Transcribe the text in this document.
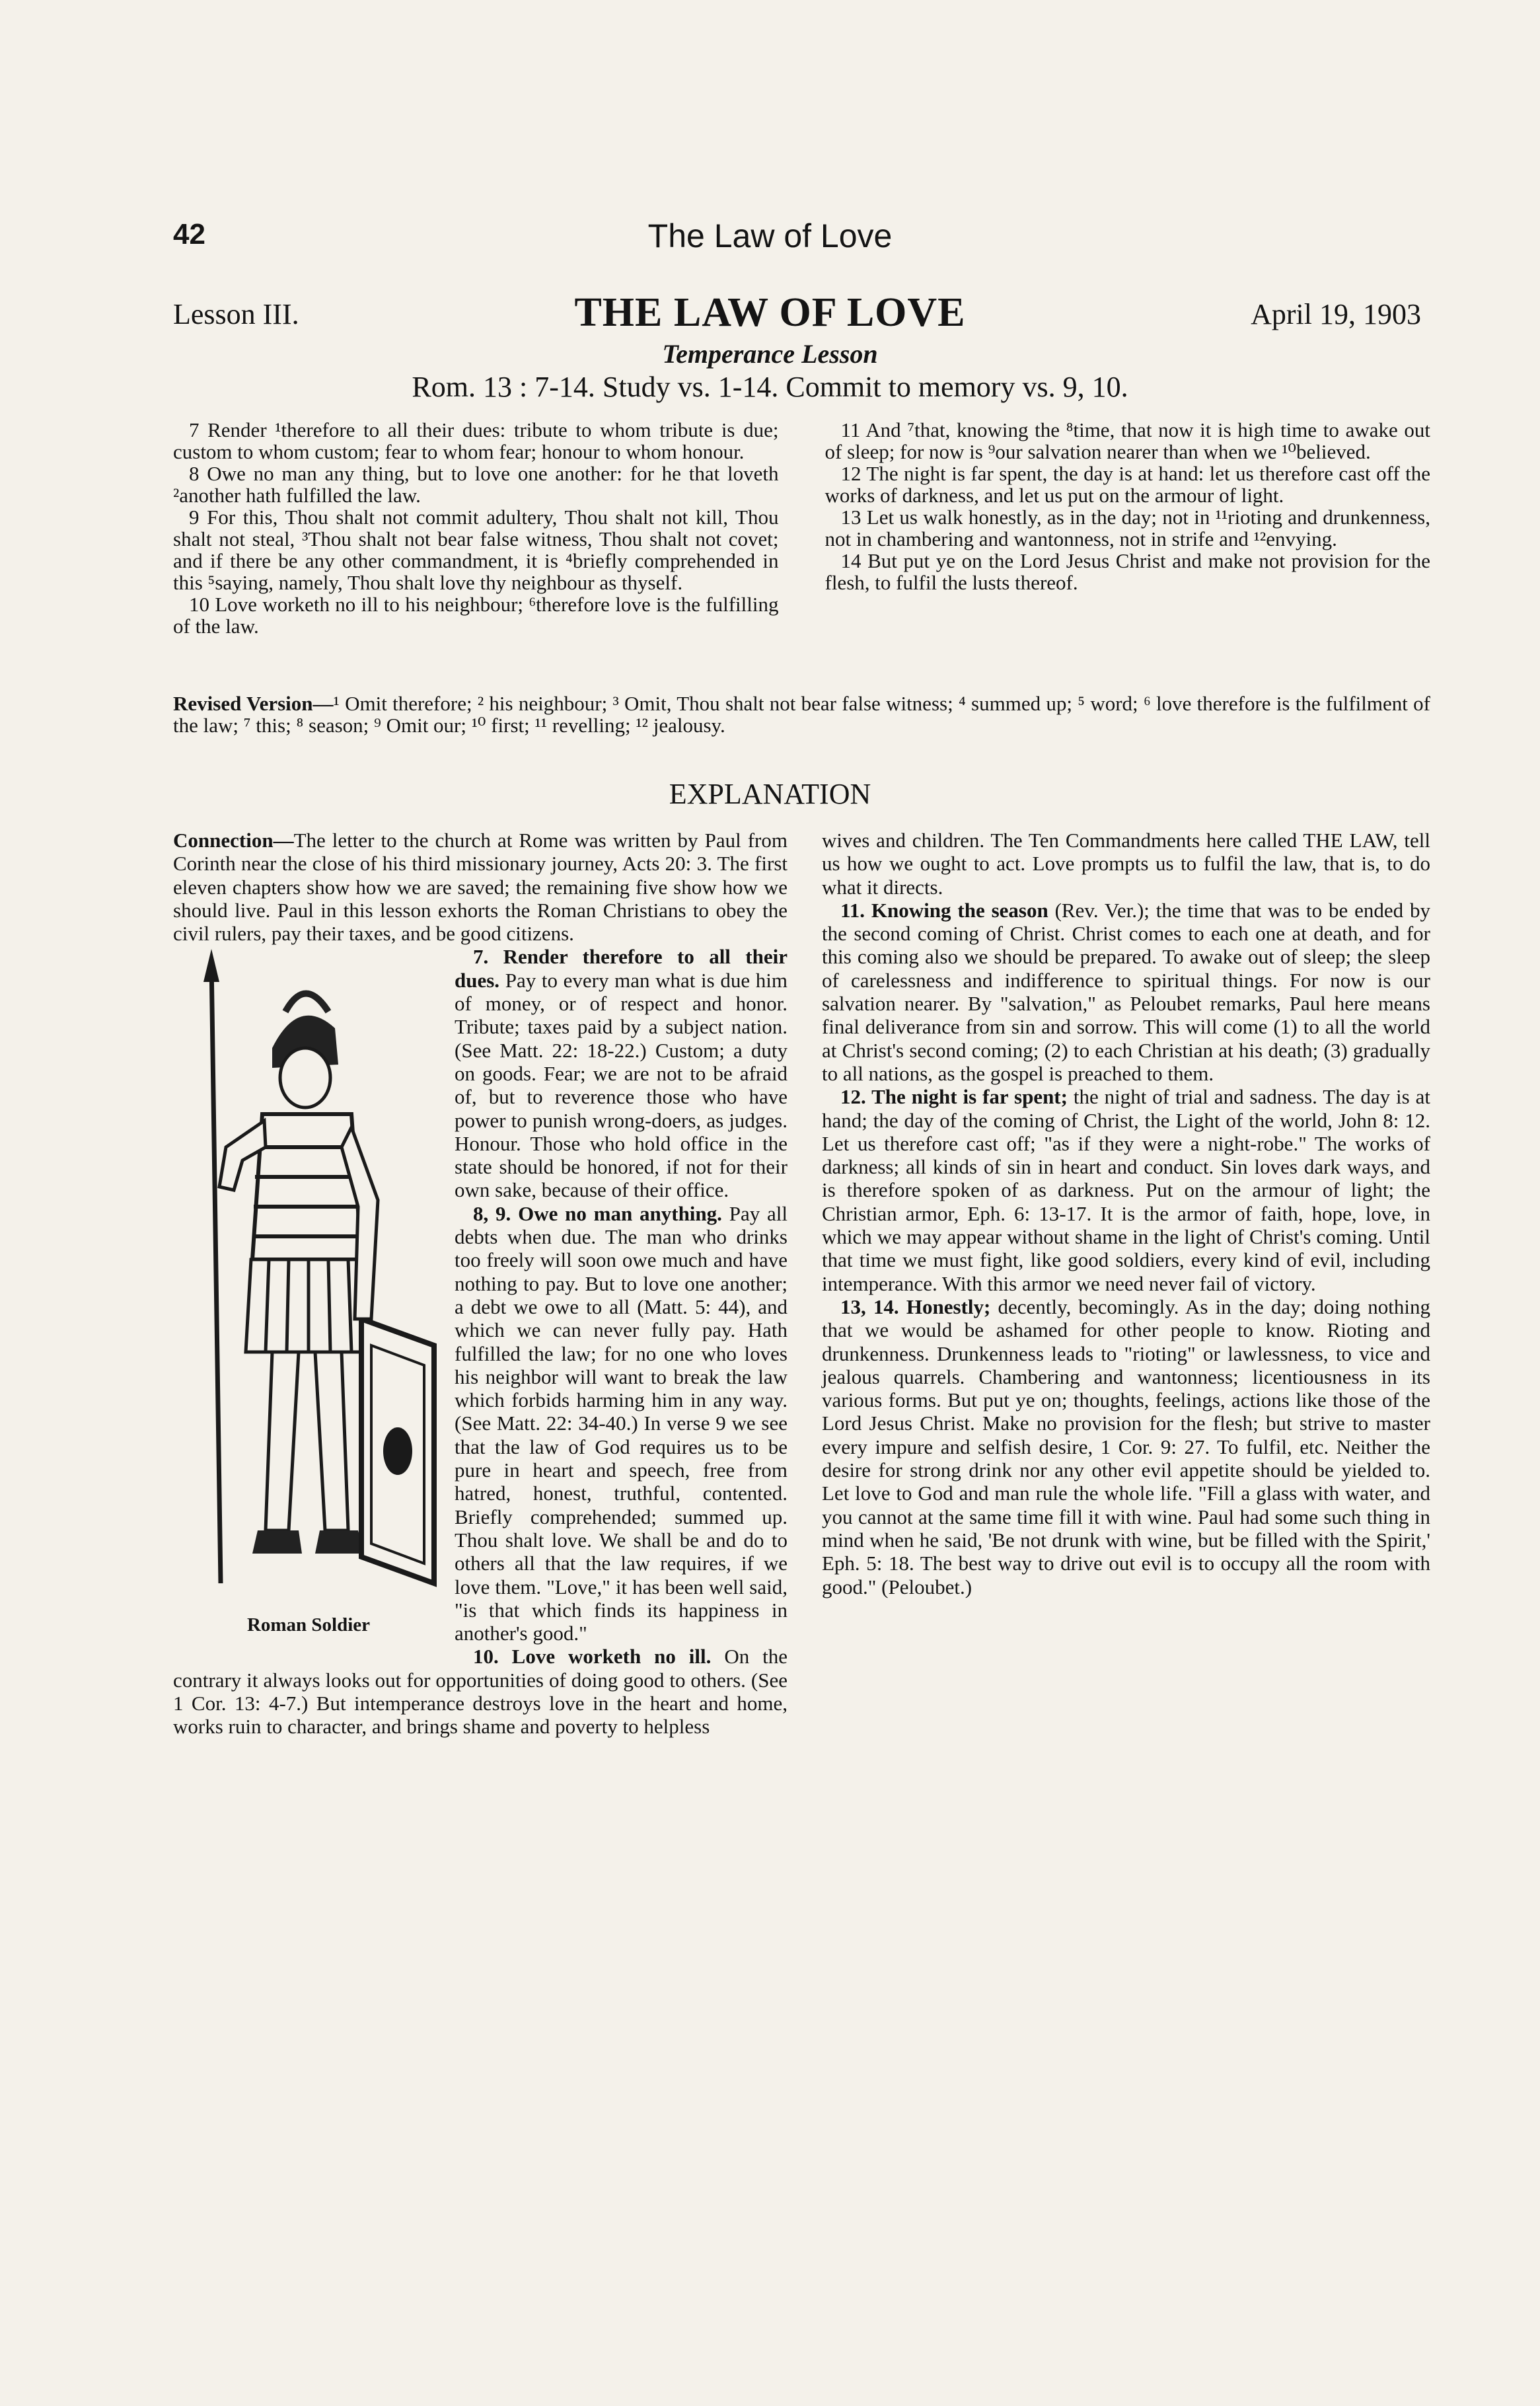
42	The Law of Love
Lesson III.	THE LAW OF LOVE	April 19, 1903
Temperance Lesson
Rom. 13 : 7-14. Study vs. 1-14. Commit to memory vs. 9, 10.

7 Render ¹therefore to all their dues: tribute to whom tribute is due; custom to whom custom; fear to whom fear; honour to whom honour.

8 Owe no man any thing, but to love one another: for he that loveth ²another hath fulfilled the law.

9 For this, Thou shalt not commit adultery, Thou shalt not kill, Thou shalt not steal, ³Thou shalt not bear false witness, Thou shalt not covet; and if there be any other commandment, it is ⁴briefly comprehended in this ⁵saying, namely, Thou shalt love thy neighbour as thyself.

10 Love worketh no ill to his neighbour; ⁶therefore love is the fulfilling of the law.

11 And ⁷that, knowing the ⁸time, that now it is high time to awake out of sleep; for now is ⁹our salvation nearer than when we ¹⁰believed.

12 The night is far spent, the day is at hand: let us therefore cast off the works of darkness, and let us put on the armour of light.

13 Let us walk honestly, as in the day; not in ¹¹rioting and drunkenness, not in chambering and wantonness, not in strife and ¹²envying.

14 But put ye on the Lord Jesus Christ and make not provision for the flesh, to fulfil the lusts thereof.

Revised Version—¹ Omit therefore; ² his neighbour; ³ Omit, Thou shalt not bear false witness; ⁴ summed up; ⁵ word; ⁶ love therefore is the fulfilment of the law; ⁷ this; ⁸ season; ⁹ Omit our; ¹⁰ first; ¹¹ revelling; ¹² jealousy.
EXPLANATION

Connection—The letter to the church at Rome was written by Paul from Corinth near the close of his third missionary journey, Acts 20: 3. The first eleven chapters show how we are saved; the remaining five show how we should live. Paul in this lesson exhorts the Roman Christians to obey the civil rulers, pay their taxes, and be good citizens.

Roman Soldier

7. Render therefore to all their dues. Pay to every man what is due him of money, or of respect and honor. Tribute; taxes paid by a subject nation. (See Matt. 22: 18-22.) Custom; a duty on goods. Fear; we are not to be afraid of, but to reverence those who have power to punish wrong-doers, as judges. Honour. Those who hold office in the state should be honored, if not for their own sake, because of their office.

8, 9. Owe no man anything. Pay all debts when due. The man who drinks too freely will soon owe much and have nothing to pay. But to love one another; a debt we owe to all (Matt. 5: 44), and which we can never fully pay. Hath fulfilled the law; for no one who loves his neighbor will want to break the law which forbids harming him in any way. (See Matt. 22: 34-40.) In verse 9 we see that the law of God requires us to be pure in heart and speech, free from hatred, honest, truthful, contented. Briefly comprehended; summed up. Thou shalt love. We shall be and do to others all that the law requires, if we love them. "Love," it has been well said, "is that which finds its happiness in another's good."

10. Love worketh no ill. On the contrary it always looks out for opportunities of doing good to others. (See 1 Cor. 13: 4-7.) But intemperance destroys love in the heart and home, works ruin to character, and brings shame and poverty to helpless

wives and children. The Ten Commandments here called THE LAW, tell us how we ought to act. Love prompts us to fulfil the law, that is, to do what it directs.

11. Knowing the season (Rev. Ver.); the time that was to be ended by the second coming of Christ. Christ comes to each one at death, and for this coming also we should be prepared. To awake out of sleep; the sleep of carelessness and indifference to spiritual things. For now is our salvation nearer. By "salvation," as Peloubet remarks, Paul here means final deliverance from sin and sorrow. This will come (1) to all the world at Christ's second coming; (2) to each Christian at his death; (3) gradually to all nations, as the gospel is preached to them.

12. The night is far spent; the night of trial and sadness. The day is at hand; the day of the coming of Christ, the Light of the world, John 8: 12. Let us therefore cast off; "as if they were a night-robe." The works of darkness; all kinds of sin in heart and conduct. Sin loves dark ways, and is therefore spoken of as darkness. Put on the armour of light; the Christian armor, Eph. 6: 13-17. It is the armor of faith, hope, love, in which we may appear without shame in the light of Christ's coming. Until that time we must fight, like good soldiers, every kind of evil, including intemperance. With this armor we need never fail of victory.

13, 14. Honestly; decently, becomingly. As in the day; doing nothing that we would be ashamed for other people to know. Rioting and drunkenness. Drunkenness leads to "rioting" or lawlessness, to vice and jealous quarrels. Chambering and wantonness; licentiousness in its various forms. But put ye on; thoughts, feelings, actions like those of the Lord Jesus Christ. Make no provision for the flesh; but strive to master every impure and selfish desire, 1 Cor. 9: 27. To fulfil, etc. Neither the desire for strong drink nor any other evil appetite should be yielded to. Let love to God and man rule the whole life. "Fill a glass with water, and you cannot at the same time fill it with wine. Paul had some such thing in mind when he said, 'Be not drunk with wine, but be filled with the Spirit,' Eph. 5: 18. The best way to drive out evil is to occupy all the room with good." (Peloubet.)
